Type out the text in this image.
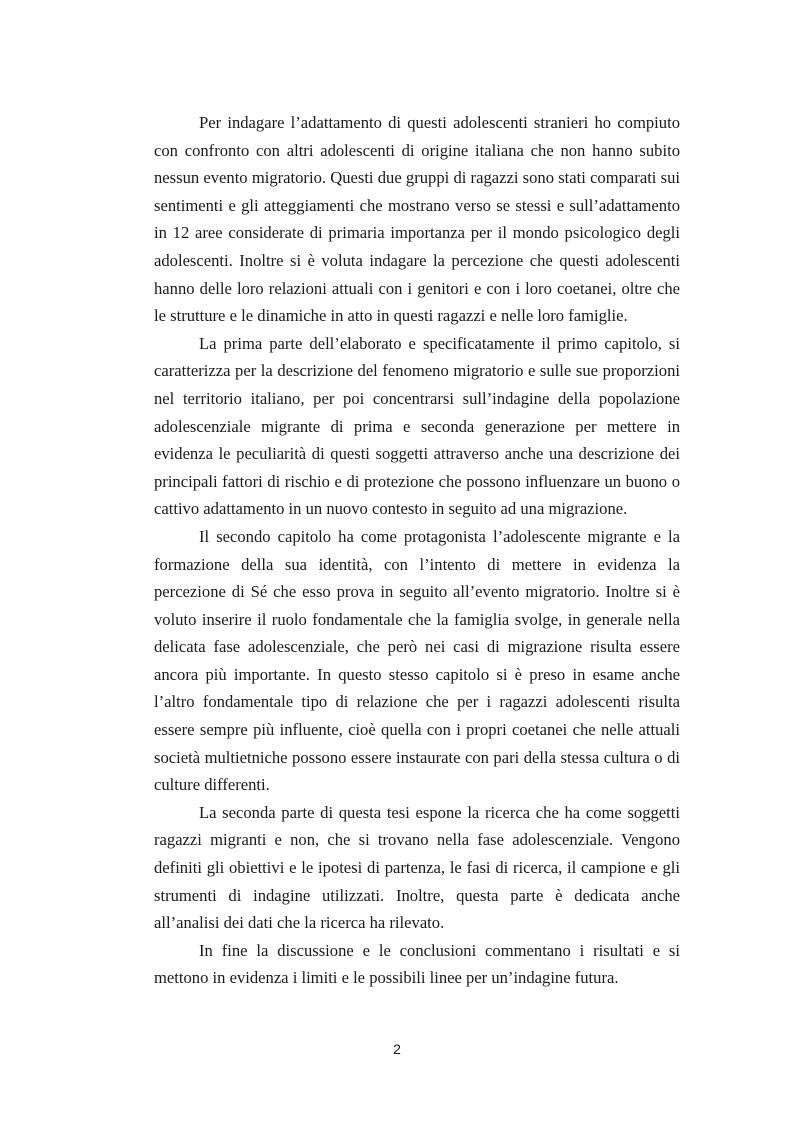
Per indagare l’adattamento di questi adolescenti stranieri ho compiuto con confronto con altri adolescenti di origine italiana che non hanno subito nessun evento migratorio. Questi due gruppi di ragazzi sono stati comparati sui sentimenti e gli atteggiamenti che mostrano verso se stessi e sull’adattamento in 12 aree considerate di primaria importanza per il mondo psicologico degli adolescenti. Inoltre si è voluta indagare la percezione che questi adolescenti hanno delle loro relazioni attuali con i genitori e con i loro coetanei, oltre che le strutture e le dinamiche in atto in questi ragazzi e nelle loro famiglie.

La prima parte dell’elaborato e specificatamente il primo capitolo, si caratterizza per la descrizione del fenomeno migratorio e sulle sue proporzioni nel territorio italiano, per poi concentrarsi sull’indagine della popolazione adolescenziale migrante di prima e seconda generazione per mettere in evidenza le peculiarità di questi soggetti attraverso anche una descrizione dei principali fattori di rischio e di protezione che possono influenzare un buono o cattivo adattamento in un nuovo contesto in seguito ad una migrazione.

Il secondo capitolo ha come protagonista l’adolescente migrante e la formazione della sua identità, con l’intento di mettere in evidenza la percezione di Sé che esso prova in seguito all’evento migratorio. Inoltre si è voluto inserire il ruolo fondamentale che la famiglia svolge, in generale nella delicata fase adolescenziale, che però nei casi di migrazione risulta essere ancora più importante. In questo stesso capitolo si è preso in esame anche l’altro fondamentale tipo di relazione che per i ragazzi adolescenti risulta essere sempre più influente, cioè quella con i propri coetanei che nelle attuali società multietniche possono essere instaurate con pari della stessa cultura o di culture differenti.

La seconda parte di questa tesi espone la ricerca che ha come soggetti ragazzi migranti e non, che si trovano nella fase adolescenziale. Vengono definiti gli obiettivi e le ipotesi di partenza, le fasi di ricerca, il campione e gli strumenti di indagine utilizzati. Inoltre, questa parte è dedicata anche all’analisi dei dati che la ricerca ha rilevato.

In fine la discussione e le conclusioni commentano i risultati e si mettono in evidenza i limiti e le possibili linee per un’indagine futura.

2
